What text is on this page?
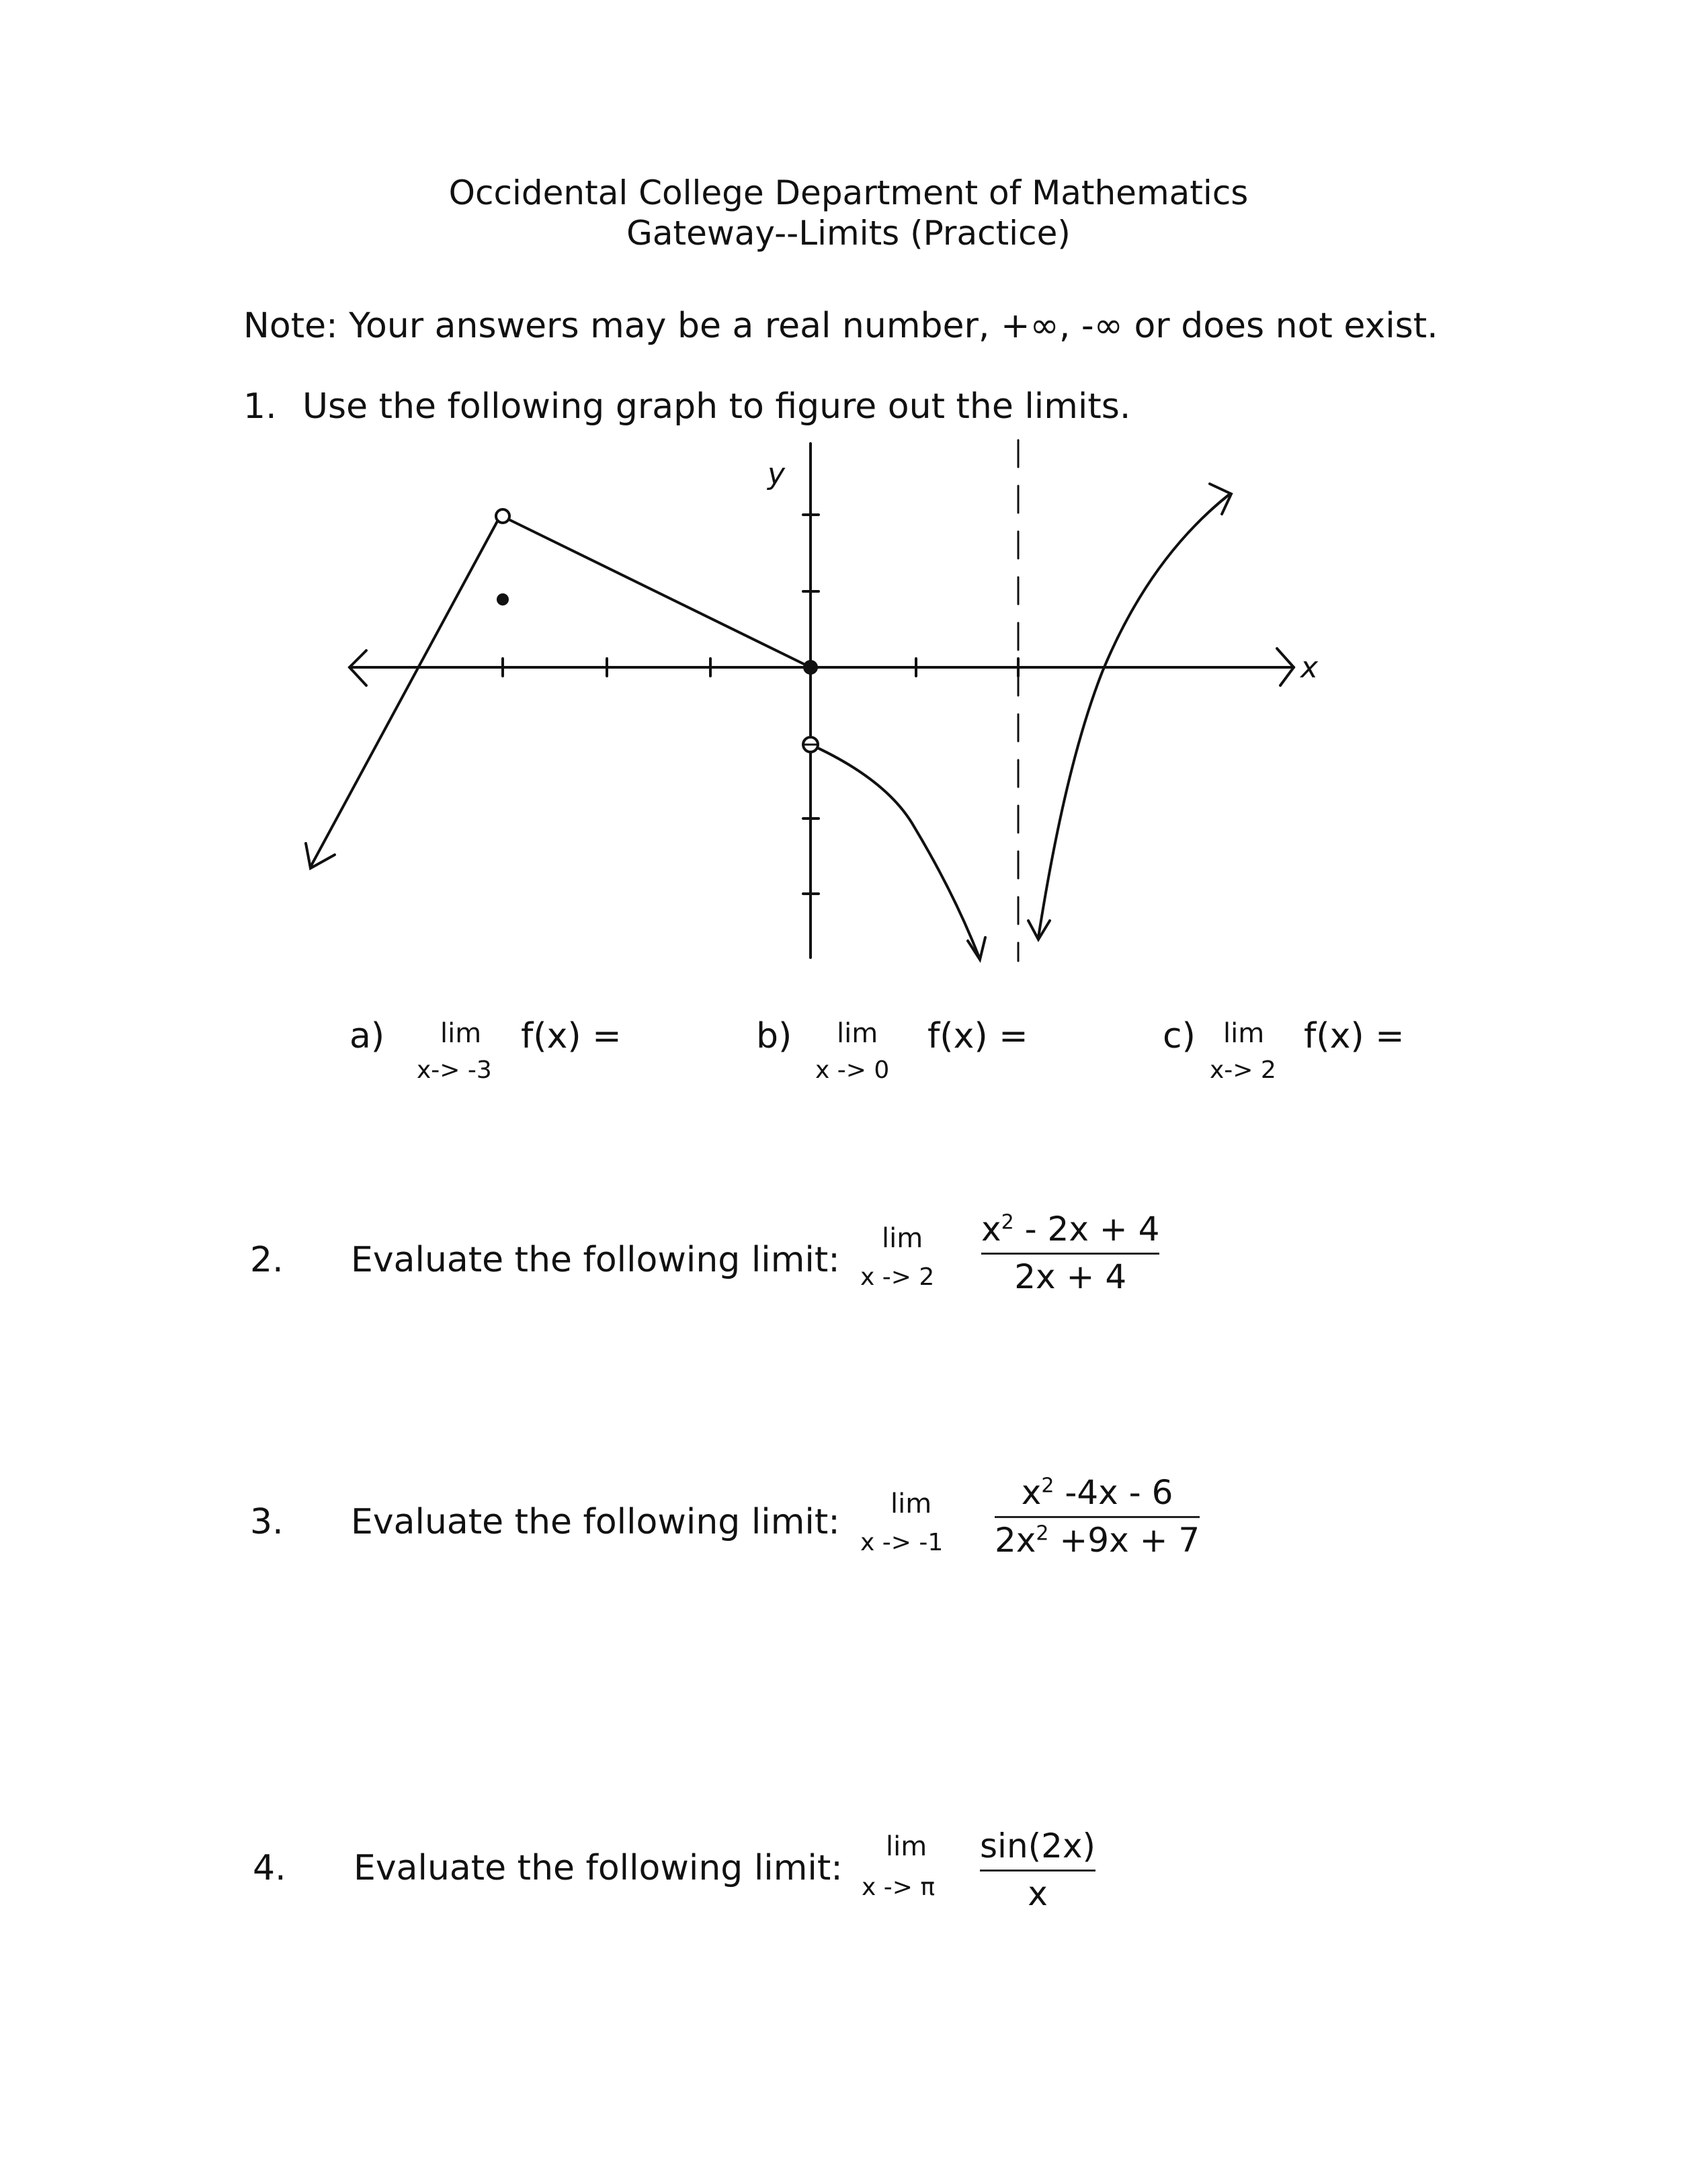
Occidental College Department of Mathematics
Gateway--Limits (Practice)
Note: Your answers may be a real number, +∞, -∞ or does not exist.
1. Use the following graph to figure out the limits.
y
x
a) lim
x-> -3
f(x) =	b) lim
x -> 0
f(x) =	c) lim
x-> 2
f(x) =
2. Evaluate the following limit:
lim
x -> 2
$x^2 - 2x + 4$
2x + 4
3. Evaluate the following limit: lim
x -> -1
$x^2$ -4x - 6
$2x^2 +9x + 7$
4. Evaluate the following limit:
lim
x -> π
sin(2x)
x
